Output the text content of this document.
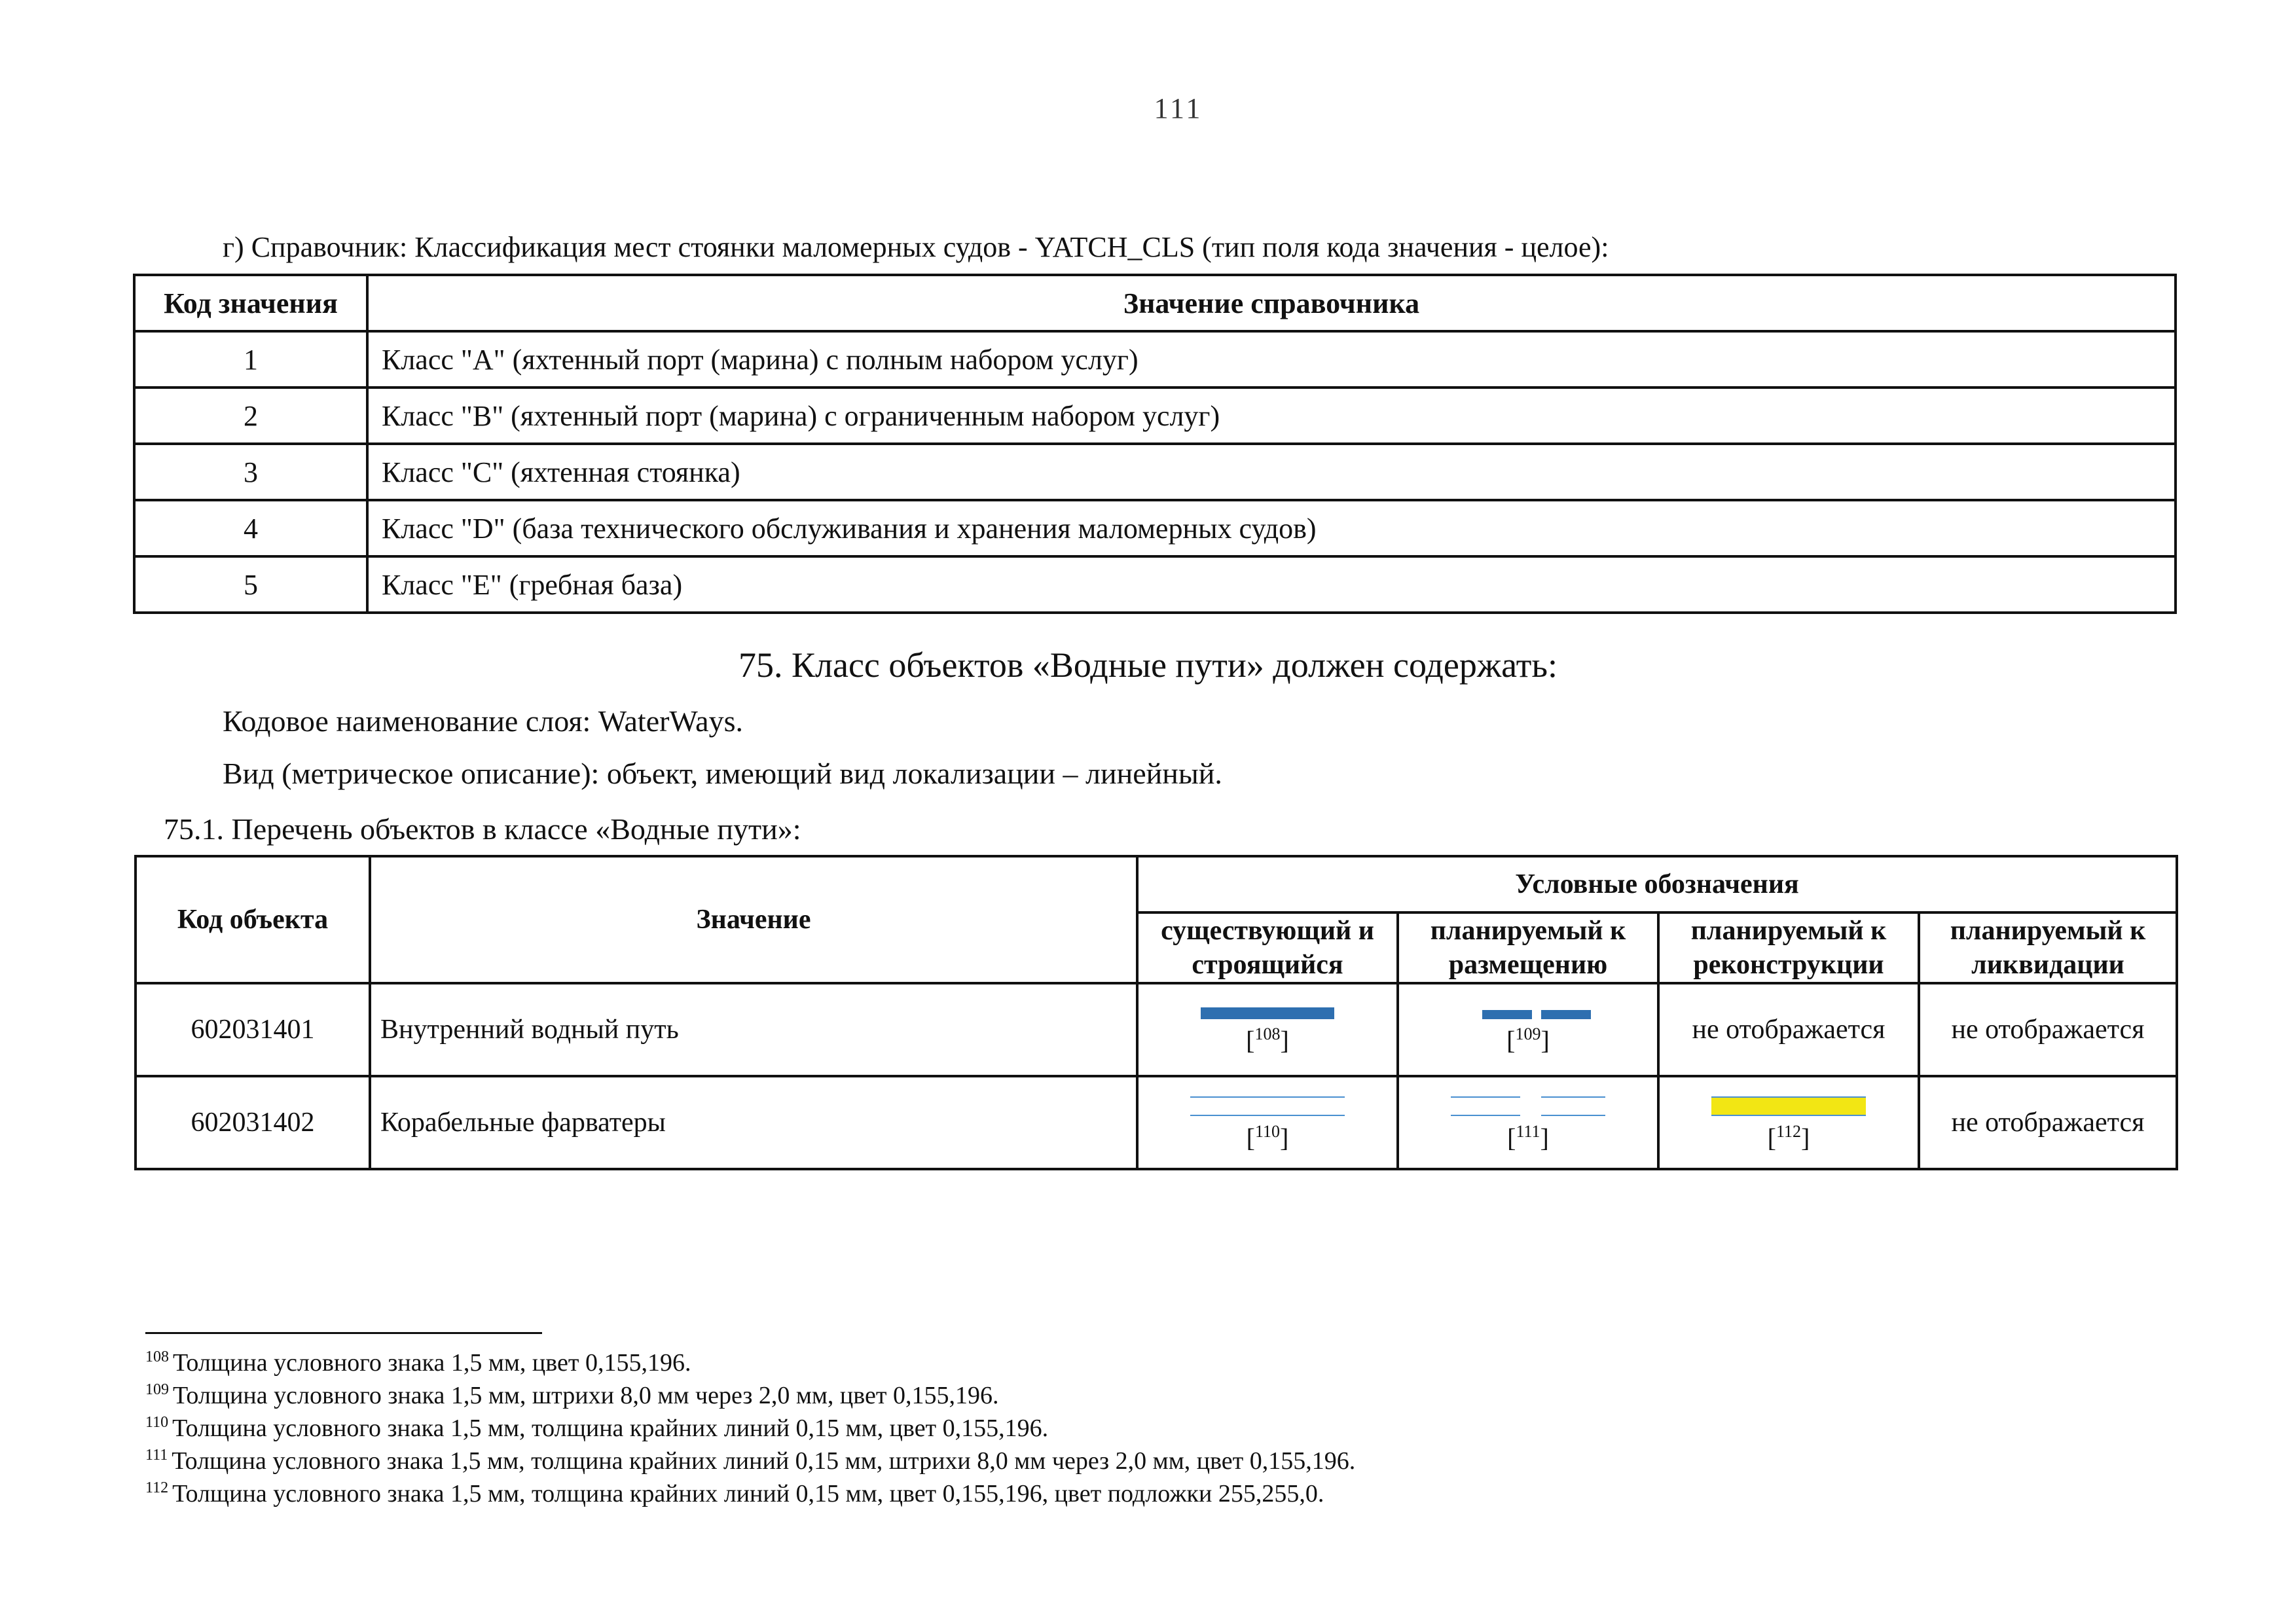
111
г) Справочник: Классификация мест стоянки маломерных судов - YATCH_CLS (тип поля кода значения - целое):
Код значения	Значение справочника
1	Класс "А" (яхтенный порт (марина) с полным набором услуг)
2	Класс "В" (яхтенный порт (марина) с ограниченным набором услуг)
3	Класс "С" (яхтенная стоянка)
4	Класс "D" (база технического обслуживания и хранения маломерных судов)
5	Класс "Е" (гребная база)
75. Класс объектов «Водные пути» должен содержать:
Кодовое наименование слоя: WaterWays.
Вид (метрическое описание): объект, имеющий вид локализации – линейный.
75.1. Перечень объектов в классе «Водные пути»:
Код объекта	Значение	Условные обозначения			
		существующий и строящийся	планируемый к размещению	планируемый к реконструкции	планируемый к ликвидации
602031401	Внутренний водный путь	[$^{108}$]	[$^{109}$]	не отображается	не отображается
602031402	Корабельные фарватеры	[$^{110}$]	[$^{111}$]	[$^{112}$]	не отображается
$^{108}$ Толщина условного знака 1,5 мм, цвет 0,155,196.
$^{109}$ Толщина условного знака 1,5 мм, штрихи 8,0 мм через 2,0 мм, цвет 0,155,196.
$^{110}$ Толщина условного знака 1,5 мм, толщина крайних линий 0,15 мм, цвет 0,155,196.
$^{111}$ Толщина условного знака 1,5 мм, толщина крайних линий 0,15 мм, штрихи 8,0 мм через 2,0 мм, цвет 0,155,196.
$^{112}$ Толщина условного знака 1,5 мм, толщина крайних линий 0,15 мм, цвет 0,155,196, цвет подложки 255,255,0.
